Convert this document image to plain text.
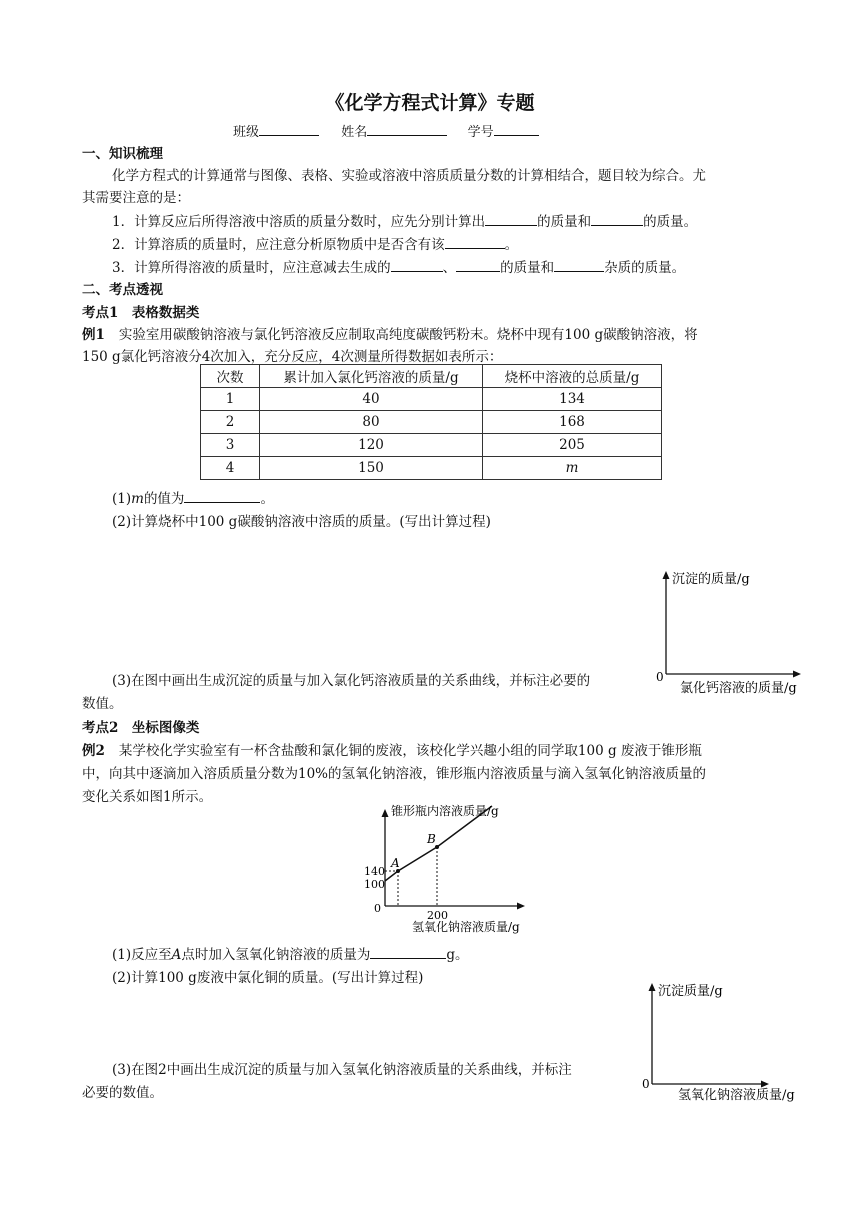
《化学方程式计算》专题
班级	姓名	学号
一、知识梳理
化学方程式的计算通常与图像、表格、实验或溶液中溶质质量分数的计算相结合，题目较为综合。尤
其需要注意的是：
1．计算反应后所得溶液中溶质的质量分数时，应先分别计算出	的质量和	的质量。
2．计算溶质的质量时，应注意分析原物质中是否含有该	。
3．计算所得溶液的质量时，应注意减去生成的	、	的质量和	杂质的质量。
二、考点透视
考点1　表格数据类
例1 实验室用碳酸钠溶液与氯化钙溶液反应制取高纯度碳酸钙粉末。烧杯中现有100 g碳酸钠溶液，将
150 g氯化钙溶液分4次加入，充分反应，4次测量所得数据如表所示：
次数	累计加入氯化钙溶液的质量/g	烧杯中溶液的总质量/g
1	40	134
2	80	168
3	120	205
4	150	m
(1)m的值为	。
(2)计算烧杯中100 g碳酸钠溶液中溶质的质量。(写出计算过程)
(3)在图中画出生成沉淀的质量与加入氯化钙溶液质量的关系曲线，并标注必要的
数值。
沉淀的质量/g
0
氯化钙溶液的质量/g
考点2　坐标图像类
例2 某学校化学实验室有一杯含盐酸和氯化铜的废液，该校化学兴趣小组的同学取100 g 废液于锥形瓶
中，向其中逐滴加入溶质质量分数为10%的氢氧化钠溶液，锥形瓶内溶液质量与滴入氢氧化钠溶液质量的
变化关系如图1所示。
锥形瓶内溶液质量/g
A
B
140
100
0
200
氢氧化钠溶液质量/g
(1)反应至A点时加入氢氧化钠溶液的质量为	g。
(2)计算100 g废液中氯化铜的质量。(写出计算过程)
(3)在图2中画出生成沉淀的质量与加入氢氧化钠溶液质量的关系曲线，并标注
必要的数值。
沉淀质量/g
0
氢氧化钠溶液质量/g
